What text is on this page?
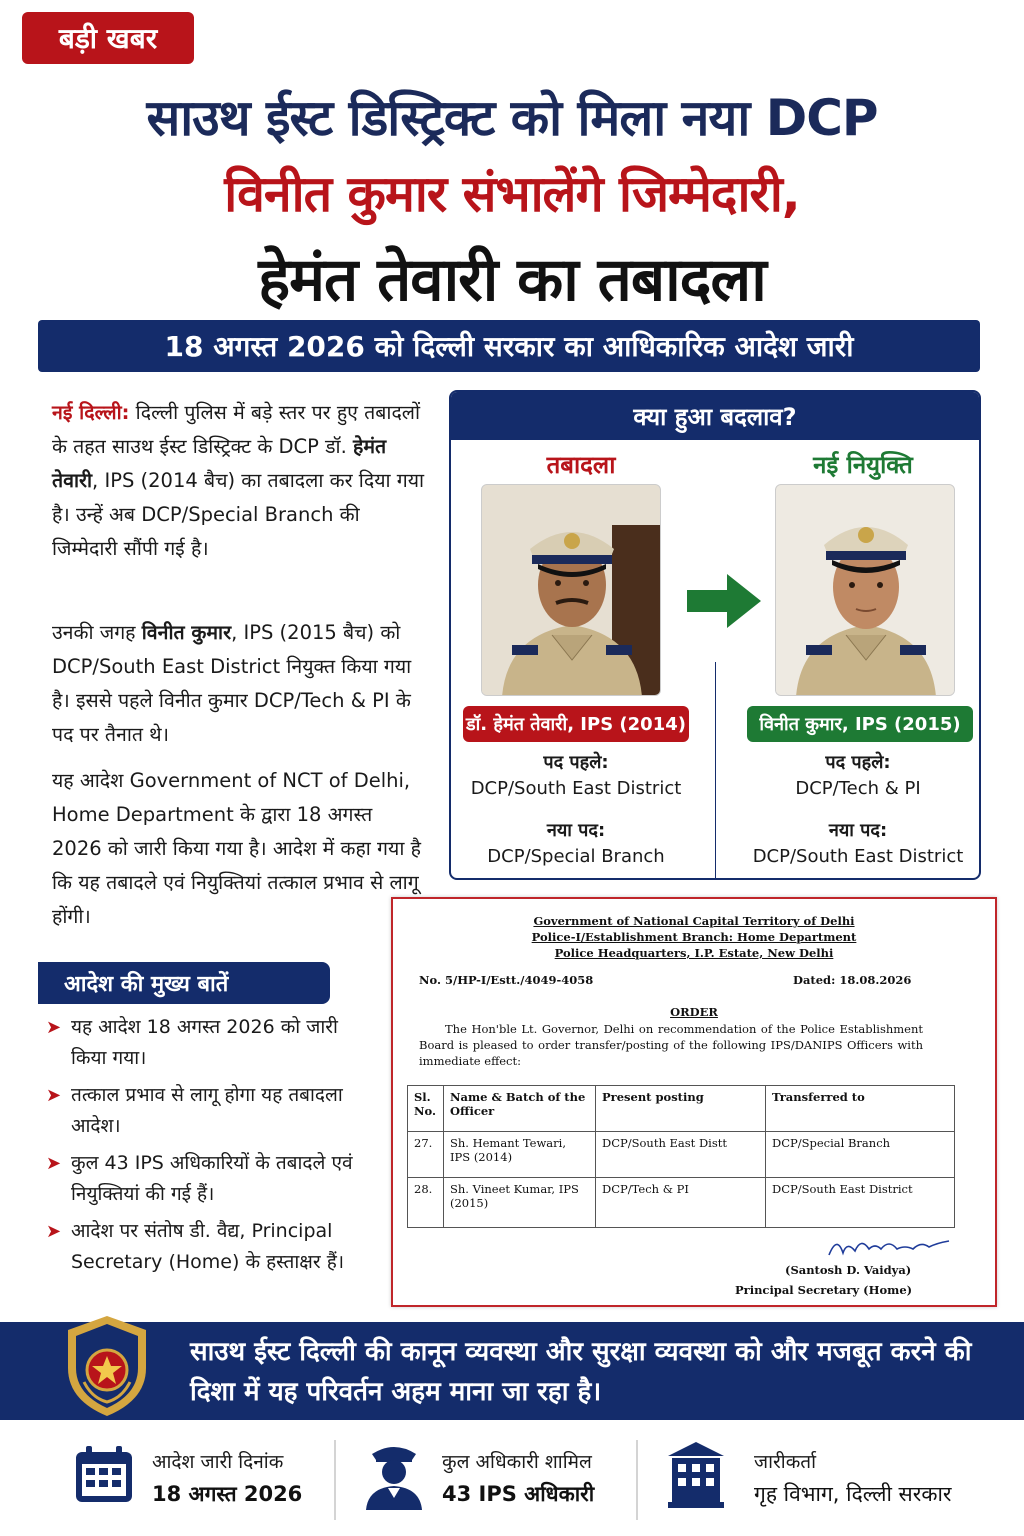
बड़ी खबर
साउथ ईस्ट डिस्ट्रिक्ट को मिला नया DCP
विनीत कुमार संभालेंगे जिम्मेदारी,
हेमंत तेवारी का तबादला
18 अगस्त 2026 को दिल्ली सरकार का आधिकारिक आदेश जारी
नई दिल्ली: दिल्ली पुलिस में बड़े स्तर पर हुए तबादलों के तहत साउथ ईस्ट डिस्ट्रिक्ट के DCP डॉ. हेमंत तेवारी, IPS (2014 बैच) का तबादला कर दिया गया है। उन्हें अब DCP/Special Branch की जिम्मेदारी सौंपी गई है।
उनकी जगह विनीत कुमार, IPS (2015 बैच) को DCP/South East District नियुक्त किया गया है। इससे पहले विनीत कुमार DCP/Tech & PI के पद पर तैनात थे।
यह आदेश Government of NCT of Delhi, Home Department के द्वारा 18 अगस्त 2026 को जारी किया गया है। आदेश में कहा गया है कि यह तबादले एवं नियुक्तियां तत्काल प्रभाव से लागू होंगी।
आदेश की मुख्य बातें
➤ यह आदेश 18 अगस्त 2026 को जारी किया गया।
➤ तत्काल प्रभाव से लागू होगा यह तबादला आदेश।
➤ कुल 43 IPS अधिकारियों के तबादले एवं नियुक्तियां की गई हैं।
➤ आदेश पर संतोष डी. वैद्य, Principal Secretary (Home) के हस्ताक्षर हैं।
क्या हुआ बदलाव?
तबादला
डॉ. हेमंत तेवारी, IPS (2014)
पद पहले:
DCP/South East District
नया पद:
DCP/Special Branch
नई नियुक्ति
विनीत कुमार, IPS (2015)
पद पहले:
DCP/Tech & PI
नया पद:
DCP/South East District
Government of National Capital Territory of Delhi
Police-I/Establishment Branch: Home Department
Police Headquarters, I.P. Estate, New Delhi
No. 5/HP-I/Estt./4049-4058	Dated: 18.08.2026
ORDER
The Hon'ble Lt. Governor, Delhi on recommendation of the Police Establishment Board is pleased to order transfer/posting of the following IPS/DANIPS Officers with immediate effect:
Sl. No.	Name & Batch of the Officer	Present posting	Transferred to
27.	Sh. Hemant Tewari, IPS (2014)	DCP/South East Distt	DCP/Special Branch
28.	Sh. Vineet Kumar, IPS (2015)	DCP/Tech & PI	DCP/South East District
(Santosh D. Vaidya)
Principal Secretary (Home)
साउथ ईस्ट दिल्ली की कानून व्यवस्था और सुरक्षा व्यवस्था को और मजबूत करने की दिशा में यह परिवर्तन अहम माना जा रहा है।
आदेश जारी दिनांक
18 अगस्त 2026
कुल अधिकारी शामिल
43 IPS अधिकारी
जारीकर्ता
गृह विभाग, दिल्ली सरकार
